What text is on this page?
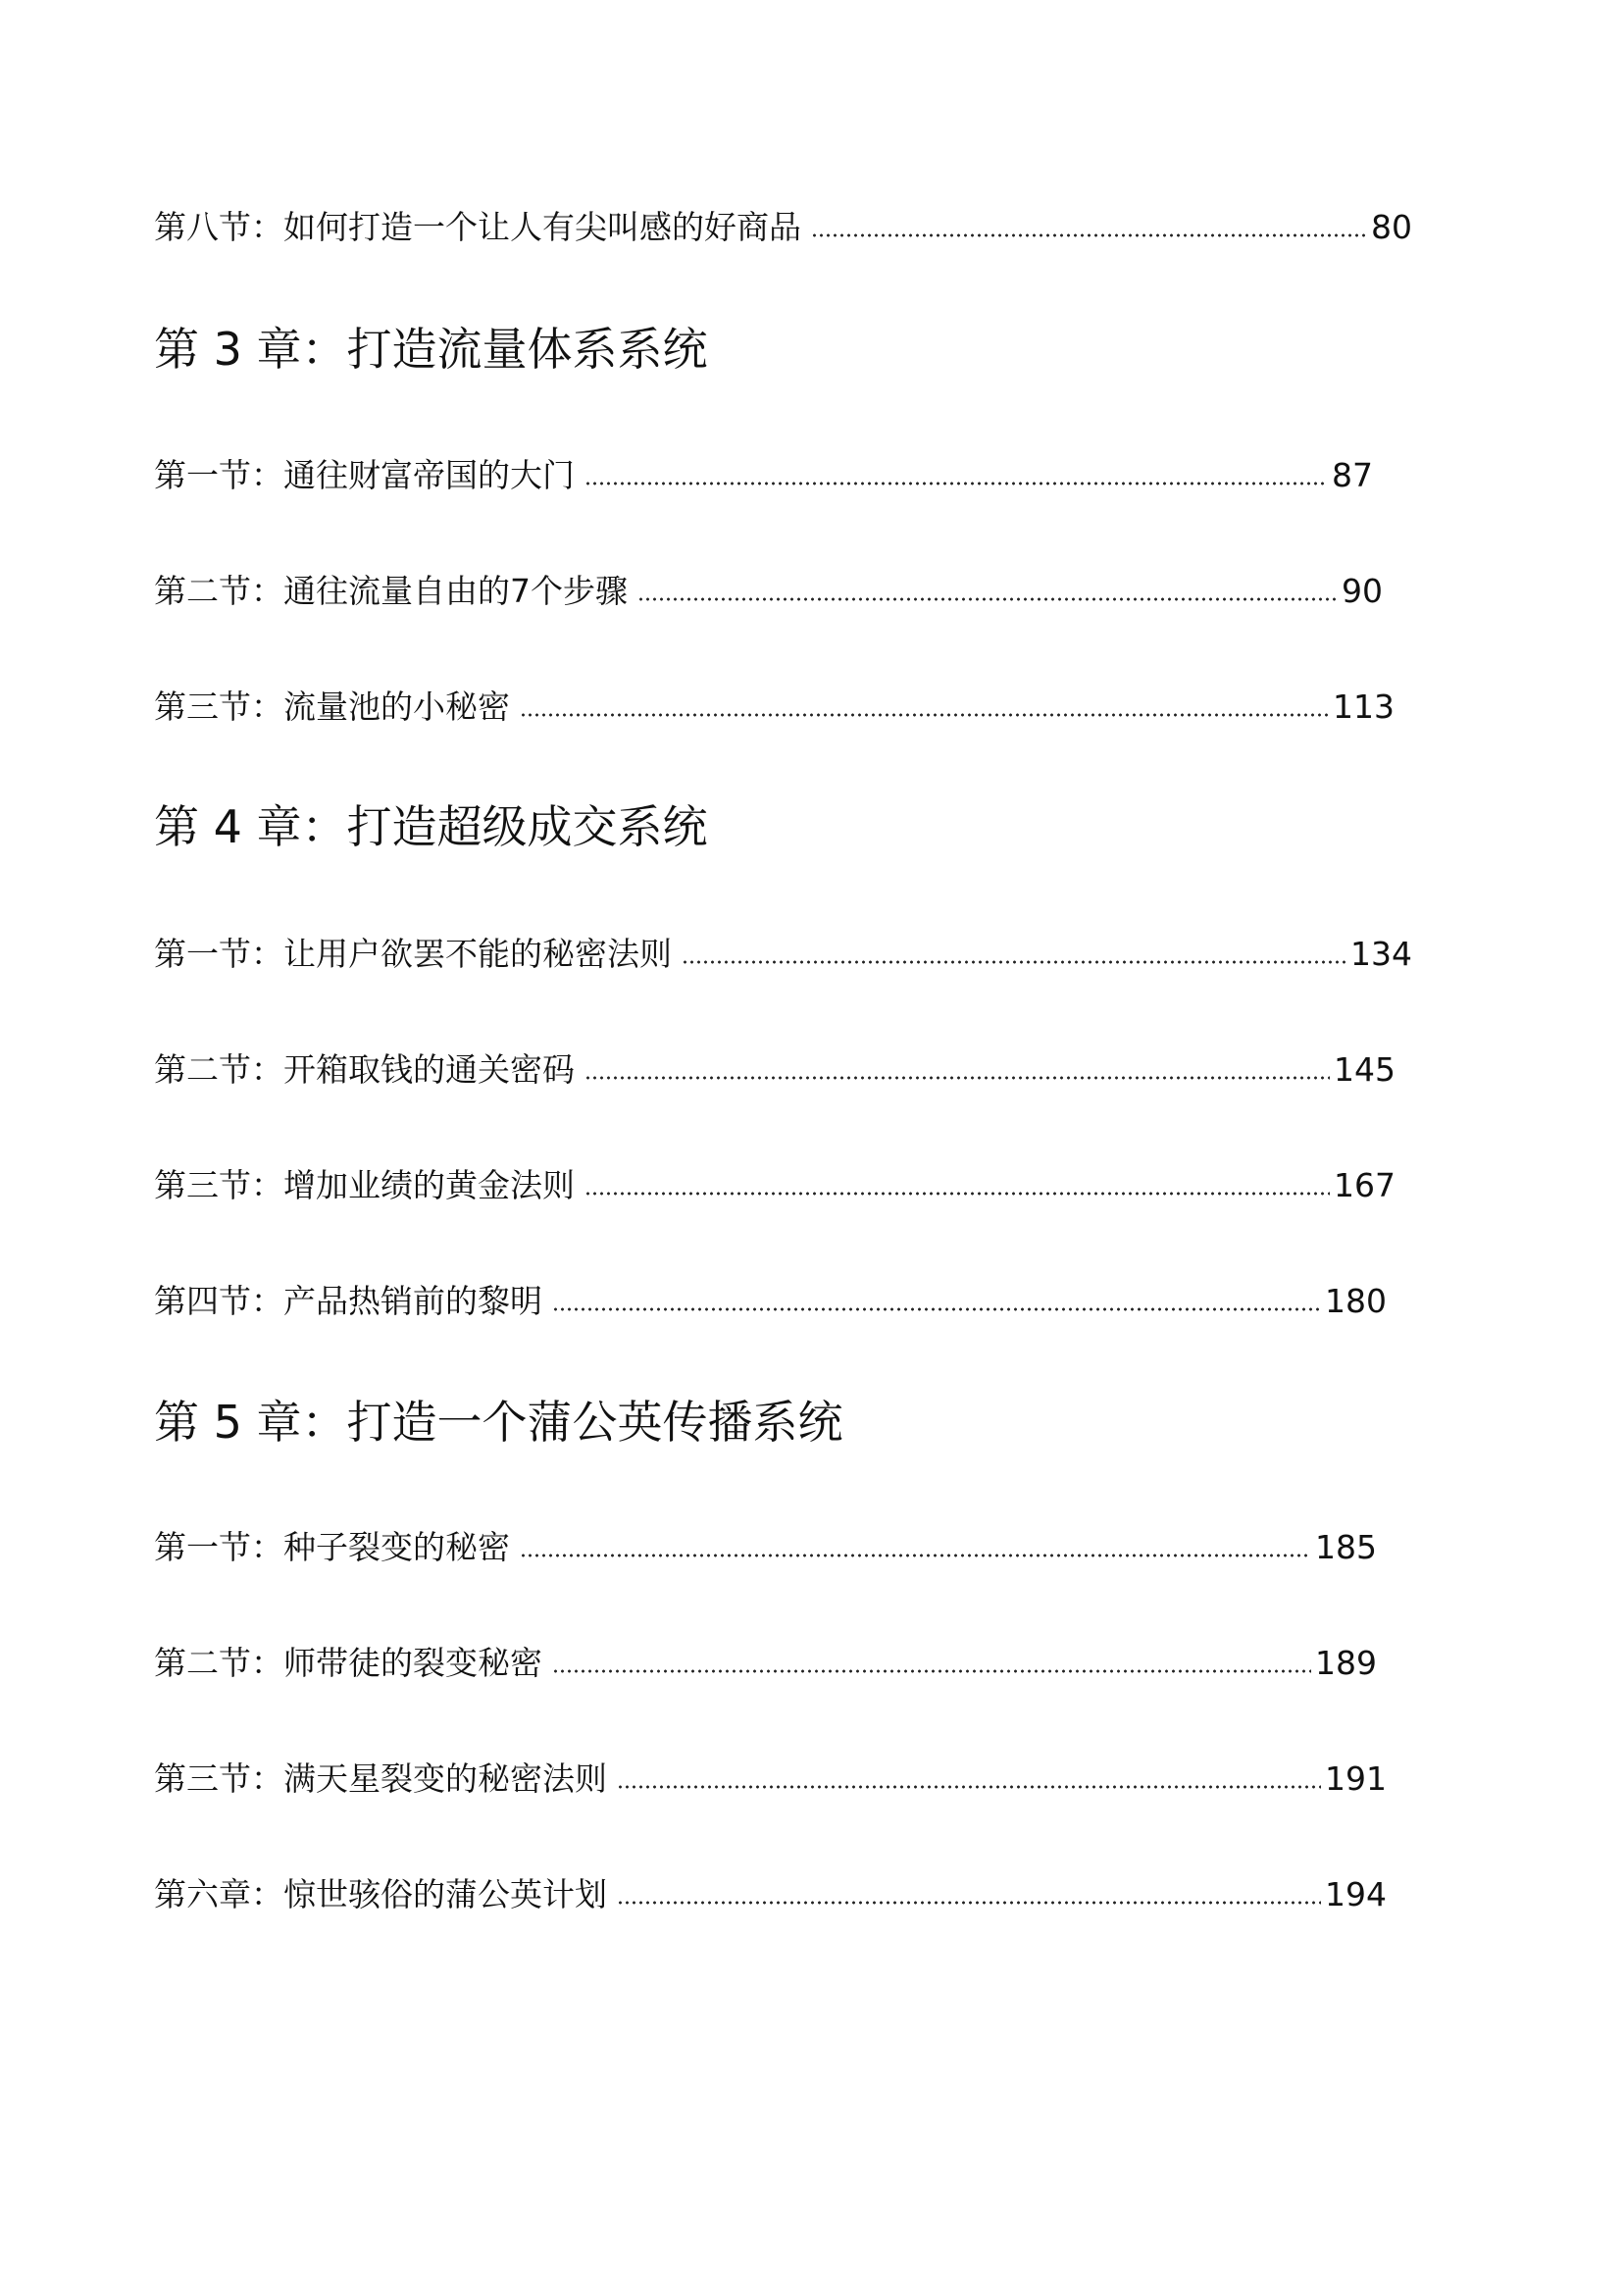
第八节：如何打造一个让人有尖叫感的好商品	80
第 3 章：打造流量体系系统
第一节：通往财富帝国的大门	87
第二节：通往流量自由的7个步骤	90
第三节：流量池的小秘密	113
第 4 章：打造超级成交系统
第一节：让用户欲罢不能的秘密法则	134
第二节：开箱取钱的通关密码	145
第三节：增加业绩的黄金法则	167
第四节：产品热销前的黎明	180
第 5 章：打造一个蒲公英传播系统
第一节：种子裂变的秘密	185
第二节：师带徒的裂变秘密	189
第三节：满天星裂变的秘密法则	191
第六章：惊世骇俗的蒲公英计划	194
